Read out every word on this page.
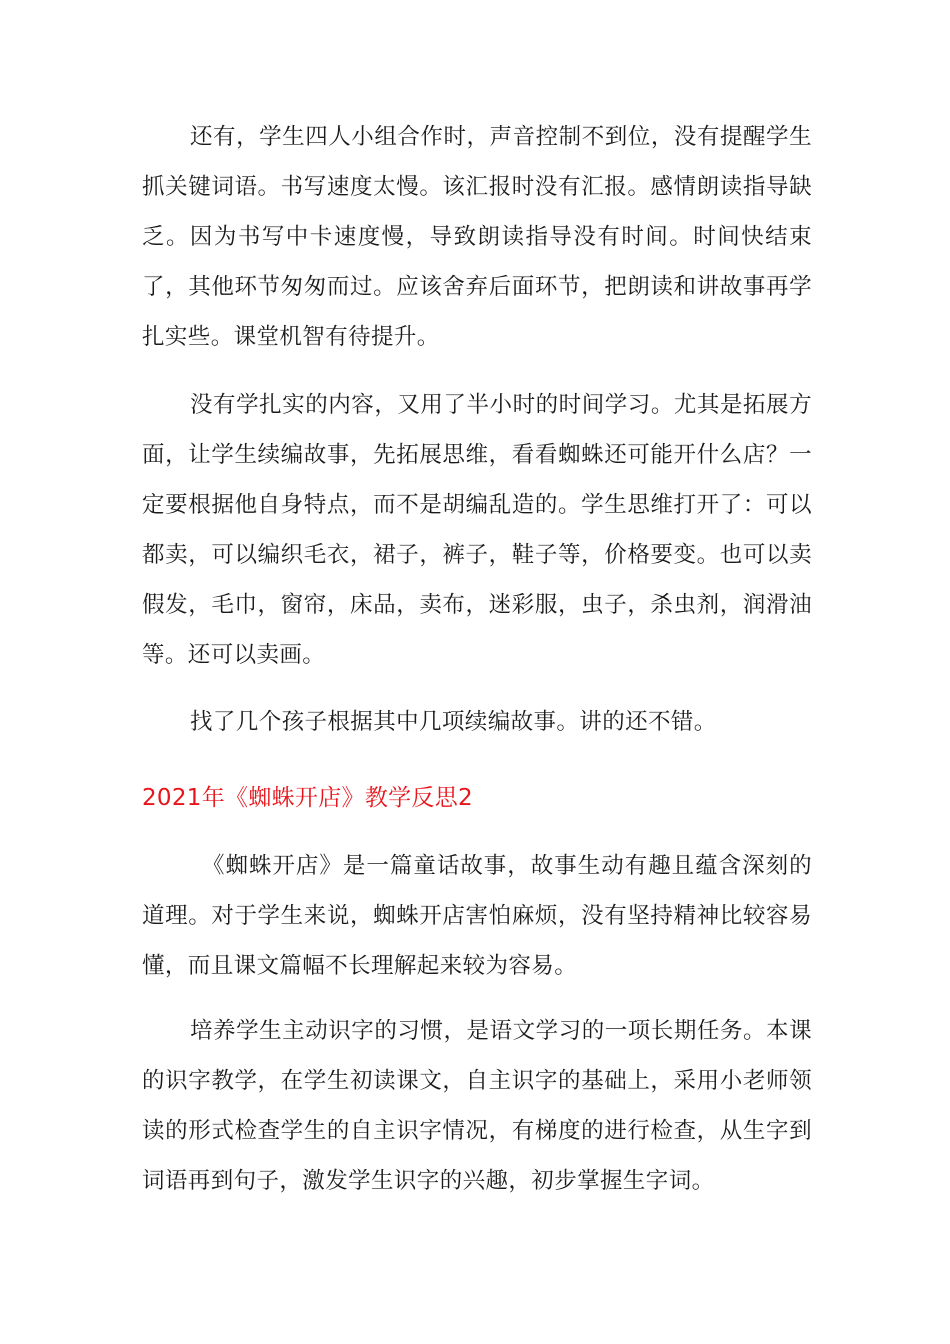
还有，学生四人小组合作时，声音控制不到位，没有提醒学生抓关键词语。书写速度太慢。该汇报时没有汇报。感情朗读指导缺乏。因为书写中卡速度慢，导致朗读指导没有时间。时间快结束了，其他环节匆匆而过。应该舍弃后面环节，把朗读和讲故事再学扎实些。课堂机智有待提升。

没有学扎实的内容，又用了半小时的时间学习。尤其是拓展方面，让学生续编故事，先拓展思维，看看蜘蛛还可能开什么店？一定要根据他自身特点，而不是胡编乱造的。学生思维打开了：可以都卖，可以编织毛衣，裙子，裤子，鞋子等，价格要变。也可以卖假发，毛巾，窗帘，床品，卖布，迷彩服，虫子，杀虫剂，润滑油等。还可以卖画。

找了几个孩子根据其中几项续编故事。讲的还不错。

2021年《蜘蛛开店》教学反思2

《蜘蛛开店》是一篇童话故事，故事生动有趣且蕴含深刻的道理。对于学生来说，蜘蛛开店害怕麻烦，没有坚持精神比较容易懂，而且课文篇幅不长理解起来较为容易。

培养学生主动识字的习惯，是语文学习的一项长期任务。本课的识字教学，在学生初读课文，自主识字的基础上，采用小老师领读的形式检查学生的自主识字情况，有梯度的进行检查，从生字到词语再到句子，激发学生识字的兴趣，初步掌握生字词。
